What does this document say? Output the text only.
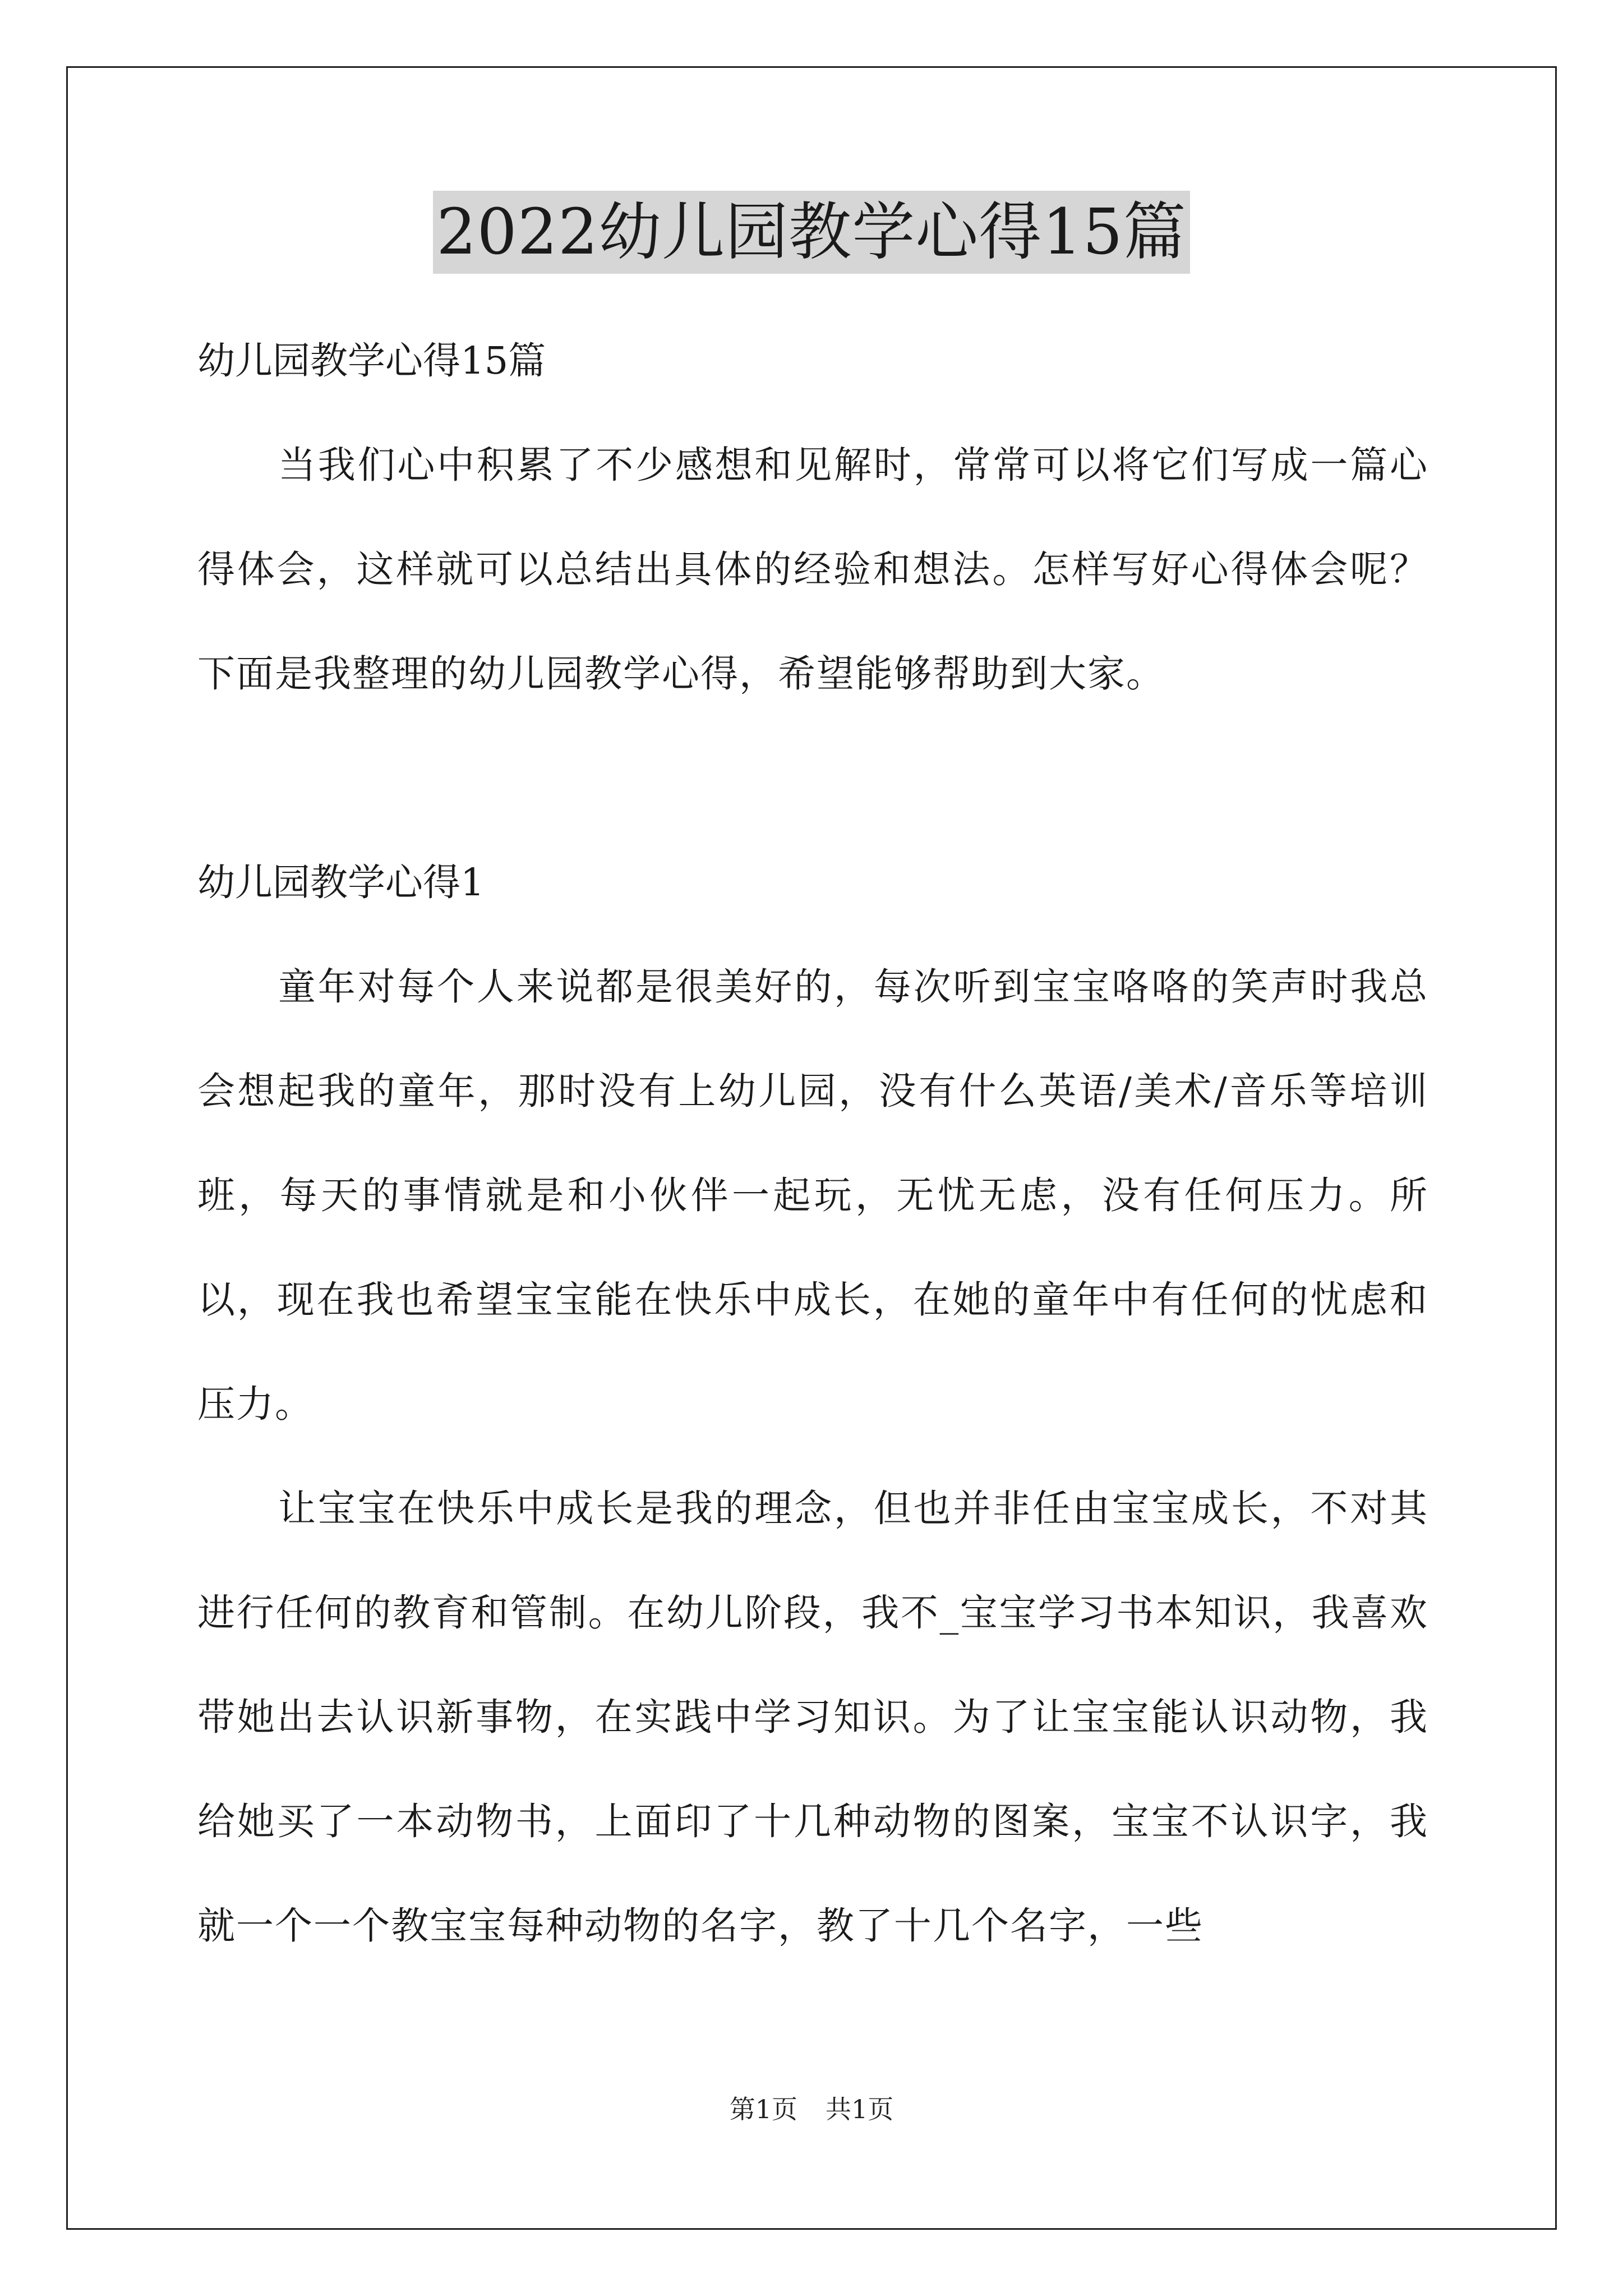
2022幼儿园教学心得15篇

幼儿园教学心得15篇

当我们心中积累了不少感想和见解时，常常可以将它们写成一篇心得体会，这样就可以总结出具体的经验和想法。怎样写好心得体会呢？下面是我整理的幼儿园教学心得，希望能够帮助到大家。

幼儿园教学心得1

童年对每个人来说都是很美好的，每次听到宝宝咯咯的笑声时我总会想起我的童年，那时没有上幼儿园，没有什么英语/美术/音乐等培训班，每天的事情就是和小伙伴一起玩，无忧无虑，没有任何压力。所以，现在我也希望宝宝能在快乐中成长，在她的童年中有任何的忧虑和压力。

让宝宝在快乐中成长是我的理念，但也并非任由宝宝成长，不对其进行任何的教育和管制。在幼儿阶段，我不_宝宝学习书本知识，我喜欢带她出去认识新事物，在实践中学习知识。为了让宝宝能认识动物，我给她买了一本动物书，上面印了十几种动物的图案，宝宝不认识字，我就一个一个教宝宝每种动物的名字，教了十几个名字，一些

第1页 共1页
